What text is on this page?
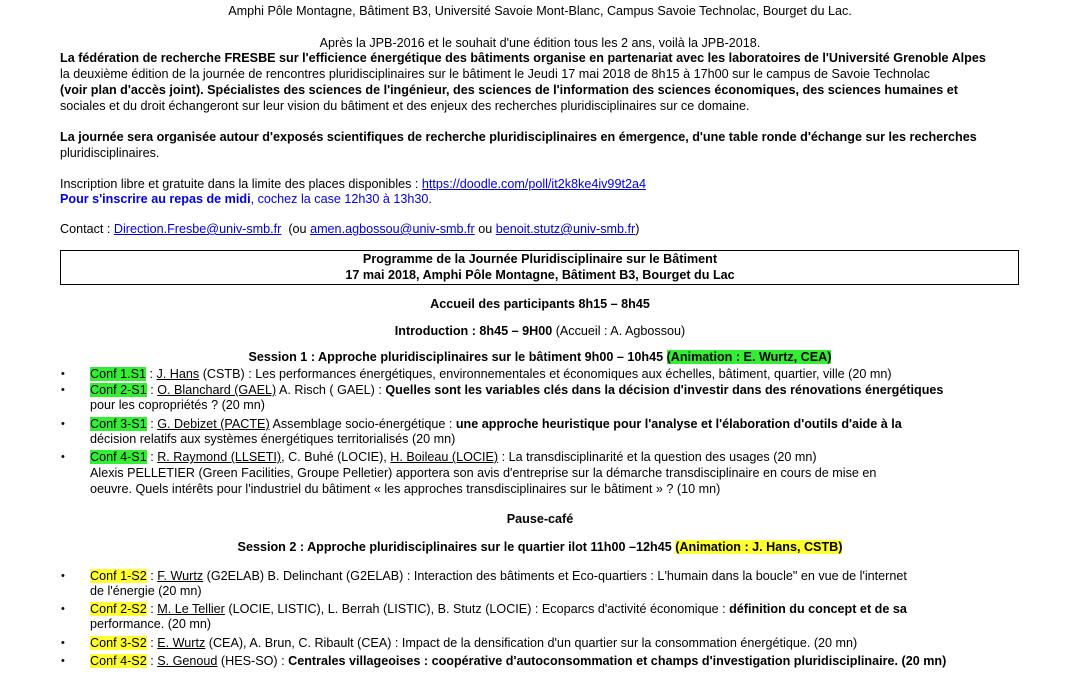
Amphi Pôle Montagne, Bâtiment B3, Université Savoie Mont-Blanc, Campus Savoie Technolac, Bourget du Lac.
Après la JPB-2016 et le souhait d'une édition tous les 2 ans, voilà la JPB-2018.
La fédération de recherche FRESBE sur l'efficience énergétique des bâtiments organise en partenariat avec les laboratoires de l'Université Grenoble Alpes
la deuxième édition de la journée de rencontres pluridisciplinaires sur le bâtiment le Jeudi 17 mai 2018 de 8h15 à 17h00 sur le campus de Savoie Technolac
(voir plan d'accès joint). Spécialistes des sciences de l'ingénieur, des sciences de l'information des sciences économiques, des sciences humaines et
sociales et du droit échangeront sur leur vision du bâtiment et des enjeux des recherches pluridisciplinaires sur ce domaine.
La journée sera organisée autour d'exposés scientifiques de recherche pluridisciplinaires en émergence, d'une table ronde d'échange sur les recherches
pluridisciplinaires.
Inscription libre et gratuite dans la limite des places disponibles : https://doodle.com/poll/it2k8ke4iv99t2a4
Pour s'inscrire au repas de midi, cochez la case 12h30 à 13h30.
Contact : Direction.Fresbe@univ-smb.fr (ou amen.agbossou@univ-smb.fr ou benoit.stutz@univ-smb.fr)
Programme de la Journée Pluridisciplinaire sur le Bâtiment
17 mai 2018, Amphi Pôle Montagne, Bâtiment B3, Bourget du Lac
Accueil des participants 8h15 – 8h45
Introduction : 8h45 – 9H00 (Accueil : A. Agbossou)
Session 1 : Approche pluridisciplinaires sur le bâtiment 9h00 – 10h45 (Animation : E. Wurtz, CEA)
• Conf 1.S1 : J. Hans (CSTB) : Les performances énergétiques, environnementales et économiques aux échelles, bâtiment, quartier, ville (20 mn)
• Conf 2-S1 : O. Blanchard (GAEL) A. Risch ( GAEL) : Quelles sont les variables clés dans la décision d'investir dans des rénovations énergétiques
pour les copropriétés ? (20 mn)
• Conf 3-S1 : G. Debizet (PACTE) Assemblage socio-énergétique : une approche heuristique pour l'analyse et l'élaboration d'outils d'aide à la
décision relatifs aux systèmes énergétiques territorialisés (20 mn)
• Conf 4-S1 : R. Raymond (LLSETI), C. Buhé (LOCIE), H. Boileau (LOCIE) : La transdisciplinarité et la question des usages (20 mn)
Alexis PELLETIER (Green Facilities, Groupe Pelletier) apportera son avis d'entreprise sur la démarche transdisciplinaire en cours de mise en
oeuvre. Quels intérêts pour l'industriel du bâtiment « les approches transdisciplinaires sur le bâtiment » ? (10 mn)
Pause-café
Session 2 : Approche pluridisciplinaires sur le quartier ilot 11h00 –12h45 (Animation : J. Hans, CSTB)
• Conf 1-S2 : F. Wurtz (G2ELAB) B. Delinchant (G2ELAB) : Interaction des bâtiments et Eco-quartiers : L'humain dans la boucle" en vue de l'internet
de l'énergie (20 mn)
• Conf 2-S2 : M. Le Tellier (LOCIE, LISTIC), L. Berrah (LISTIC), B. Stutz (LOCIE) : Ecoparcs d'activité économique : définition du concept et de sa
performance. (20 mn)
• Conf 3-S2 : E. Wurtz (CEA), A. Brun, C. Ribault (CEA) : Impact de la densification d'un quartier sur la consommation énergétique. (20 mn)
• Conf 4-S2 : S. Genoud (HES-SO) : Centrales villageoises : coopérative d'autoconsommation et champs d'investigation pluridisciplinaire. (20 mn)
